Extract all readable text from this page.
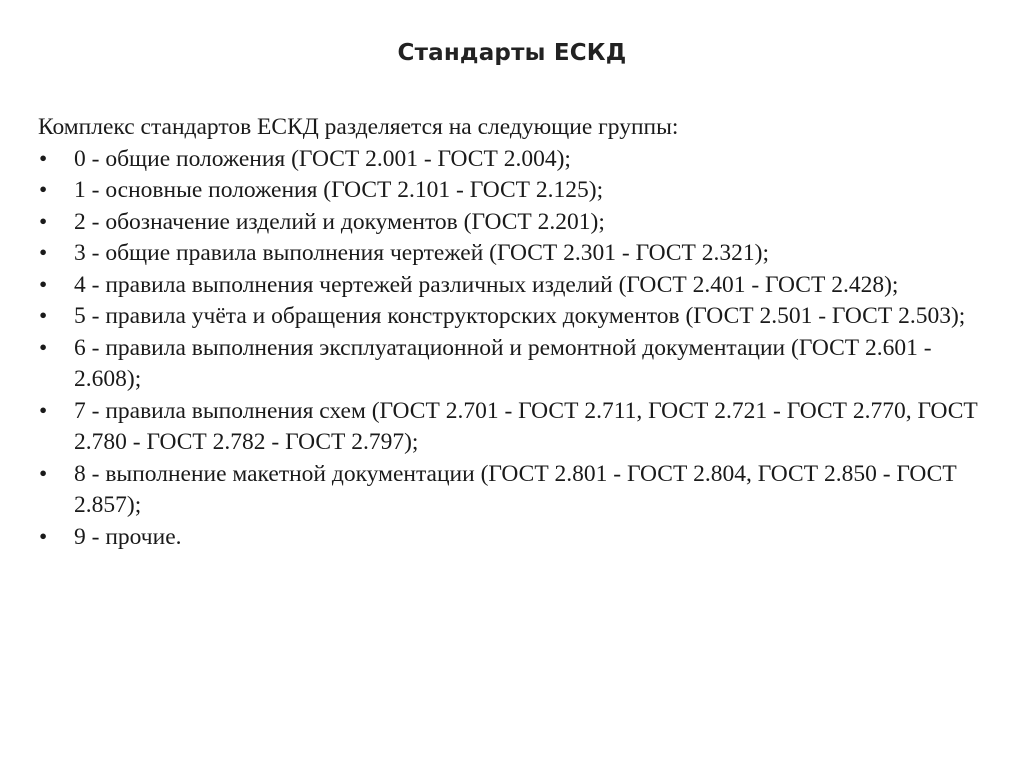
Стандарты ЕСКД

Комплекс стандартов ЕСКД разделяется на следующие группы:

• 0 - общие положения (ГОСТ 2.001 - ГОСТ 2.004);
• 1 - основные положения (ГОСТ 2.101 - ГОСТ 2.125);
• 2 - обозначение изделий и документов (ГОСТ 2.201);
• 3 - общие правила выполнения чертежей (ГОСТ 2.301 - ГОСТ 2.321);
• 4 - правила выполнения чертежей различных изделий (ГОСТ 2.401 - ГОСТ 2.428);
• 5 - правила учёта и обращения конструкторских документов (ГОСТ 2.501 - ГОСТ 2.503);
• 6 - правила выполнения эксплуатационной и ремонтной документации (ГОСТ 2.601 - 2.608);
• 7 - правила выполнения схем (ГОСТ 2.701 - ГОСТ 2.711, ГОСТ 2.721 - ГОСТ 2.770, ГОСТ 2.780 - ГОСТ 2.782 - ГОСТ 2.797);
• 8 - выполнение макетной документации (ГОСТ 2.801 - ГОСТ 2.804, ГОСТ 2.850 - ГОСТ 2.857);
• 9 - прочие.
